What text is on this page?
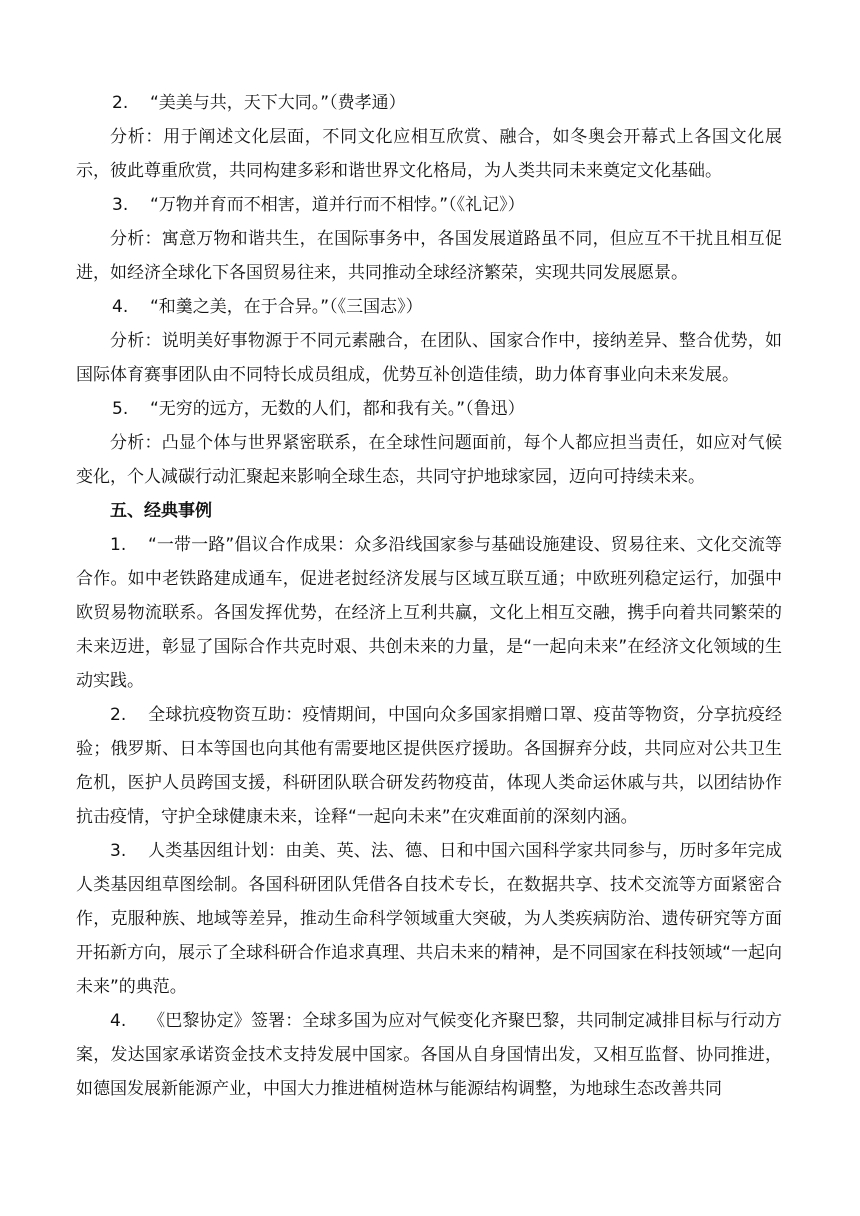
2. “美美与共，天下大同。”（费孝通）

分析：用于阐述文化层面，不同文化应相互欣赏、融合，如冬奥会开幕式上各国文化展示，彼此尊重欣赏，共同构建多彩和谐世界文化格局，为人类共同未来奠定文化基础。

3. “万物并育而不相害，道并行而不相悖。”（《礼记》）

分析：寓意万物和谐共生，在国际事务中，各国发展道路虽不同，但应互不干扰且相互促进，如经济全球化下各国贸易往来，共同推动全球经济繁荣，实现共同发展愿景。

4. “和羹之美，在于合异。”（《三国志》）

分析：说明美好事物源于不同元素融合，在团队、国家合作中，接纳差异、整合优势，如国际体育赛事团队由不同特长成员组成，优势互补创造佳绩，助力体育事业向未来发展。

5. “无穷的远方，无数的人们，都和我有关。”（鲁迅）

分析：凸显个体与世界紧密联系，在全球性问题面前，每个人都应担当责任，如应对气候变化，个人减碳行动汇聚起来影响全球生态，共同守护地球家园，迈向可持续未来。

五、经典事例

1. “一带一路”倡议合作成果：众多沿线国家参与基础设施建设、贸易往来、文化交流等合作。如中老铁路建成通车，促进老挝经济发展与区域互联互通；中欧班列稳定运行，加强中欧贸易物流联系。各国发挥优势，在经济上互利共赢，文化上相互交融，携手向着共同繁荣的未来迈进，彰显了国际合作共克时艰、共创未来的力量，是“一起向未来”在经济文化领域的生动实践。

2. 全球抗疫物资互助：疫情期间，中国向众多国家捐赠口罩、疫苗等物资，分享抗疫经验；俄罗斯、日本等国也向其他有需要地区提供医疗援助。各国摒弃分歧，共同应对公共卫生危机，医护人员跨国支援，科研团队联合研发药物疫苗，体现人类命运休戚与共，以团结协作抗击疫情，守护全球健康未来，诠释“一起向未来”在灾难面前的深刻内涵。

3. 人类基因组计划：由美、英、法、德、日和中国六国科学家共同参与，历时多年完成人类基因组草图绘制。各国科研团队凭借各自技术专长，在数据共享、技术交流等方面紧密合作，克服种族、地域等差异，推动生命科学领域重大突破，为人类疾病防治、遗传研究等方面开拓新方向，展示了全球科研合作追求真理、共启未来的精神，是不同国家在科技领域“一起向未来”的典范。

4. 《巴黎协定》签署：全球多国为应对气候变化齐聚巴黎，共同制定减排目标与行动方案，发达国家承诺资金技术支持发展中国家。各国从自身国情出发，又相互监督、协同推进，如德国发展新能源产业，中国大力推进植树造林与能源结构调整，为地球生态改善共同
